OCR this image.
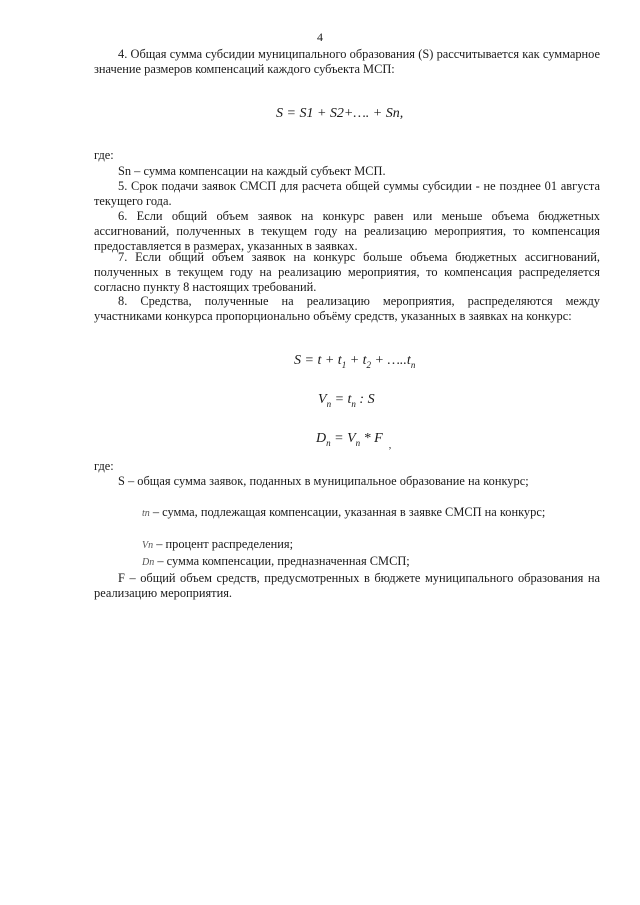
4
4. Общая сумма субсидии муниципального образования (S) рассчитывается как суммарное значение размеров компенсаций каждого субъекта МСП:
S = S1 + S2+…. + Sn,
где:
Sn – сумма компенсации на каждый субъект МСП.
5. Срок подачи заявок СМСП для расчета общей суммы субсидии - не позднее 01 августа текущего года.
6. Если общий объем заявок на конкурс равен или меньше объема бюджетных ассигнований, полученных в текущем году на реализацию мероприятия, то компенсация предоставляется в размерах, указанных в заявках.
7. Если общий объем заявок на конкурс больше объема бюджетных ассигнований, полученных в текущем году на реализацию мероприятия, то компенсация распределяется согласно пункту 8 настоящих требований.
8. Средства, полученные на реализацию мероприятия, распределяются между участниками конкурса пропорционально объёму средств, указанных в заявках на конкурс:
$S = t + t_1 + t_2$ + $\dots..t_n$
$V_n = t_n$ : S
$D_n = V_n * F$ $_,$
где:
S – общая сумма заявок, поданных в муниципальное образование на конкурс;
tn – сумма, подлежащая компенсации, указанная в заявке СМСП на конкурс;
Vn – процент распределения;
Dn – сумма компенсации, предназначенная СМСП;
F – общий объем средств, предусмотренных в бюджете муниципального образования на реализацию мероприятия.
